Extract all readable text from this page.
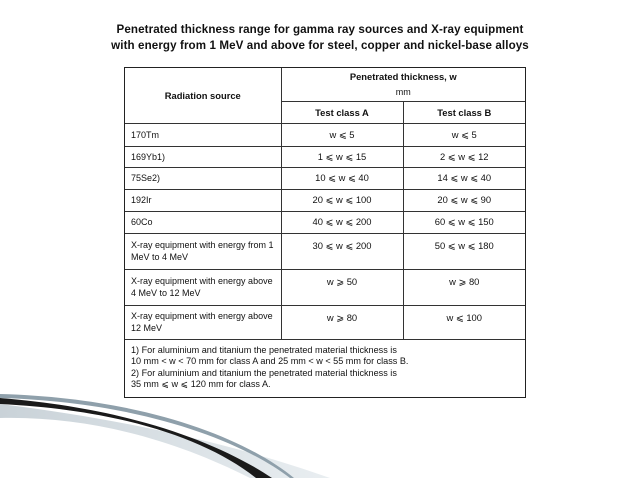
Penetrated thickness range for gamma ray sources and X-ray equipment
with energy from 1 MeV and above for steel, copper and nickel-base alloys
Radiation source	Penetrated thickness, w
mm	

	Test class A	Test class B
170Tm	w ⩽ 5	w ⩽ 5
169Yb1)	1 ⩽ w ⩽ 15	2 ⩽ w ⩽ 12
75Se2)	10 ⩽ w ⩽ 40	14 ⩽ w ⩽ 40
192Ir	20 ⩽ w ⩽ 100	20 ⩽ w ⩽ 90
60Co	40 ⩽ w ⩽ 200	60 ⩽ w ⩽ 150
X-ray equipment with energy from 1 MeV to 4 MeV	30 ⩽ w ⩽ 200	50 ⩽ w ⩽ 180
X-ray equipment with energy above 4 MeV to 12 MeV	w ⩾ 50	w ⩾ 80
X-ray equipment with energy above 12 MeV	w ⩾ 80	w ⩽ 100

1) For aluminium and titanium the penetrated material thickness is
10 mm < w < 70 mm for class A and 25 mm < w < 55 mm for class B.
2) For aluminium and titanium the penetrated material thickness is
35 mm ⩽ w ⩽ 120 mm for class A.		
